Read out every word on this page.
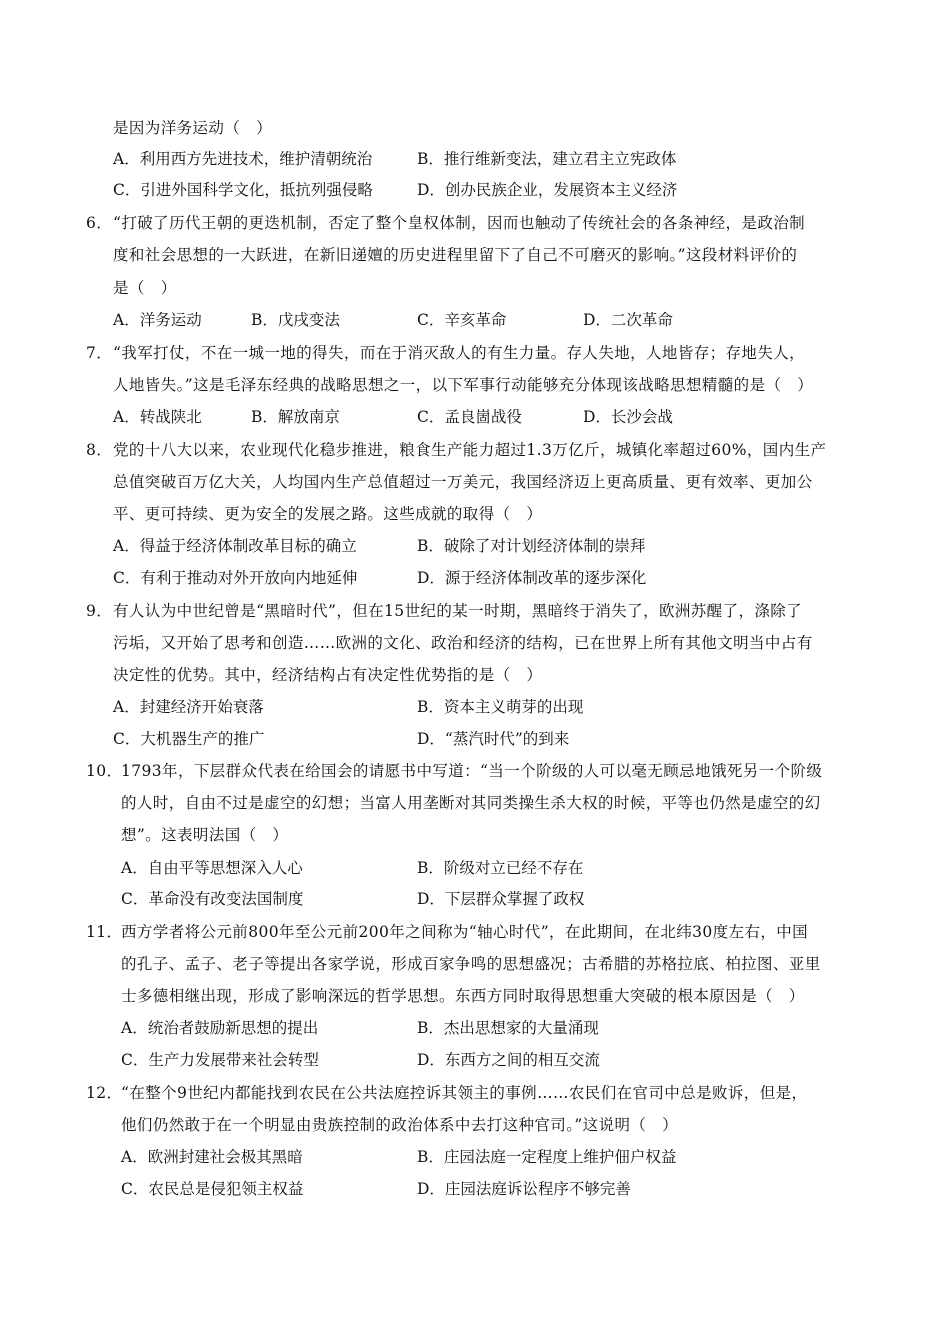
是因为洋务运动（　）
A．利用西方先进技术，维护清朝统治	B．推行维新变法，建立君主立宪政体
C．引进外国科学文化，抵抗列强侵略	D．创办民族企业，发展资本主义经济
6． “打破了历代王朝的更迭机制，否定了整个皇权体制，因而也触动了传统社会的各条神经，是政治制
度和社会思想的一大跃进，在新旧递嬗的历史进程里留下了自己不可磨灭的影响。”这段材料评价的
是（　）
A．洋务运动	B．戊戌变法	C．辛亥革命	D．二次革命
7． “我军打仗，不在一城一地的得失，而在于消灭敌人的有生力量。存人失地，人地皆存；存地失人，
人地皆失。”这是毛泽东经典的战略思想之一，以下军事行动能够充分体现该战略思想精髓的是（　）
A．转战陕北	B．解放南京	C．孟良崮战役	D．长沙会战
8． 党的十八大以来，农业现代化稳步推进，粮食生产能力超过1.3万亿斤，城镇化率超过60%，国内生产
总值突破百万亿大关，人均国内生产总值超过一万美元，我国经济迈上更高质量、更有效率、更加公
平、更可持续、更为安全的发展之路。这些成就的取得（　）
A．得益于经济体制改革目标的确立	B．破除了对计划经济体制的崇拜
C．有利于推动对外开放向内地延伸	D．源于经济体制改革的逐步深化
9． 有人认为中世纪曾是“黑暗时代”，但在15世纪的某一时期，黑暗终于消失了，欧洲苏醒了，涤除了
污垢，又开始了思考和创造……欧洲的文化、政治和经济的结构，已在世界上所有其他文明当中占有
决定性的优势。其中，经济结构占有决定性优势指的是（　）
A．封建经济开始衰落	B．资本主义萌芽的出现
C．大机器生产的推广	D．“蒸汽时代”的到来
10．
1793年，下层群众代表在给国会的请愿书中写道：“当一个阶级的人可以毫无顾忌地饿死另一个阶级
的人时，自由不过是虚空的幻想；当富人用垄断对其同类操生杀大权的时候，平等也仍然是虚空的幻
想”。这表明法国（　）
A．自由平等思想深入人心	B．阶级对立已经不存在
C．革命没有改变法国制度	D．下层群众掌握了政权
11．
西方学者将公元前800年至公元前200年之间称为“轴心时代”，在此期间，在北纬30度左右，中国
的孔子、孟子、老子等提出各家学说，形成百家争鸣的思想盛况；古希腊的苏格拉底、柏拉图、亚里
士多德相继出现，形成了影响深远的哲学思想。东西方同时取得思想重大突破的根本原因是（　）
A．统治者鼓励新思想的提出	B．杰出思想家的大量涌现
C．生产力发展带来社会转型	D．东西方之间的相互交流
12．
“在整个9世纪内都能找到农民在公共法庭控诉其领主的事例……农民们在官司中总是败诉，但是，
他们仍然敢于在一个明显由贵族控制的政治体系中去打这种官司。”这说明（　）
A．欧洲封建社会极其黑暗	B．庄园法庭一定程度上维护佃户权益
C．农民总是侵犯领主权益	D．庄园法庭诉讼程序不够完善
